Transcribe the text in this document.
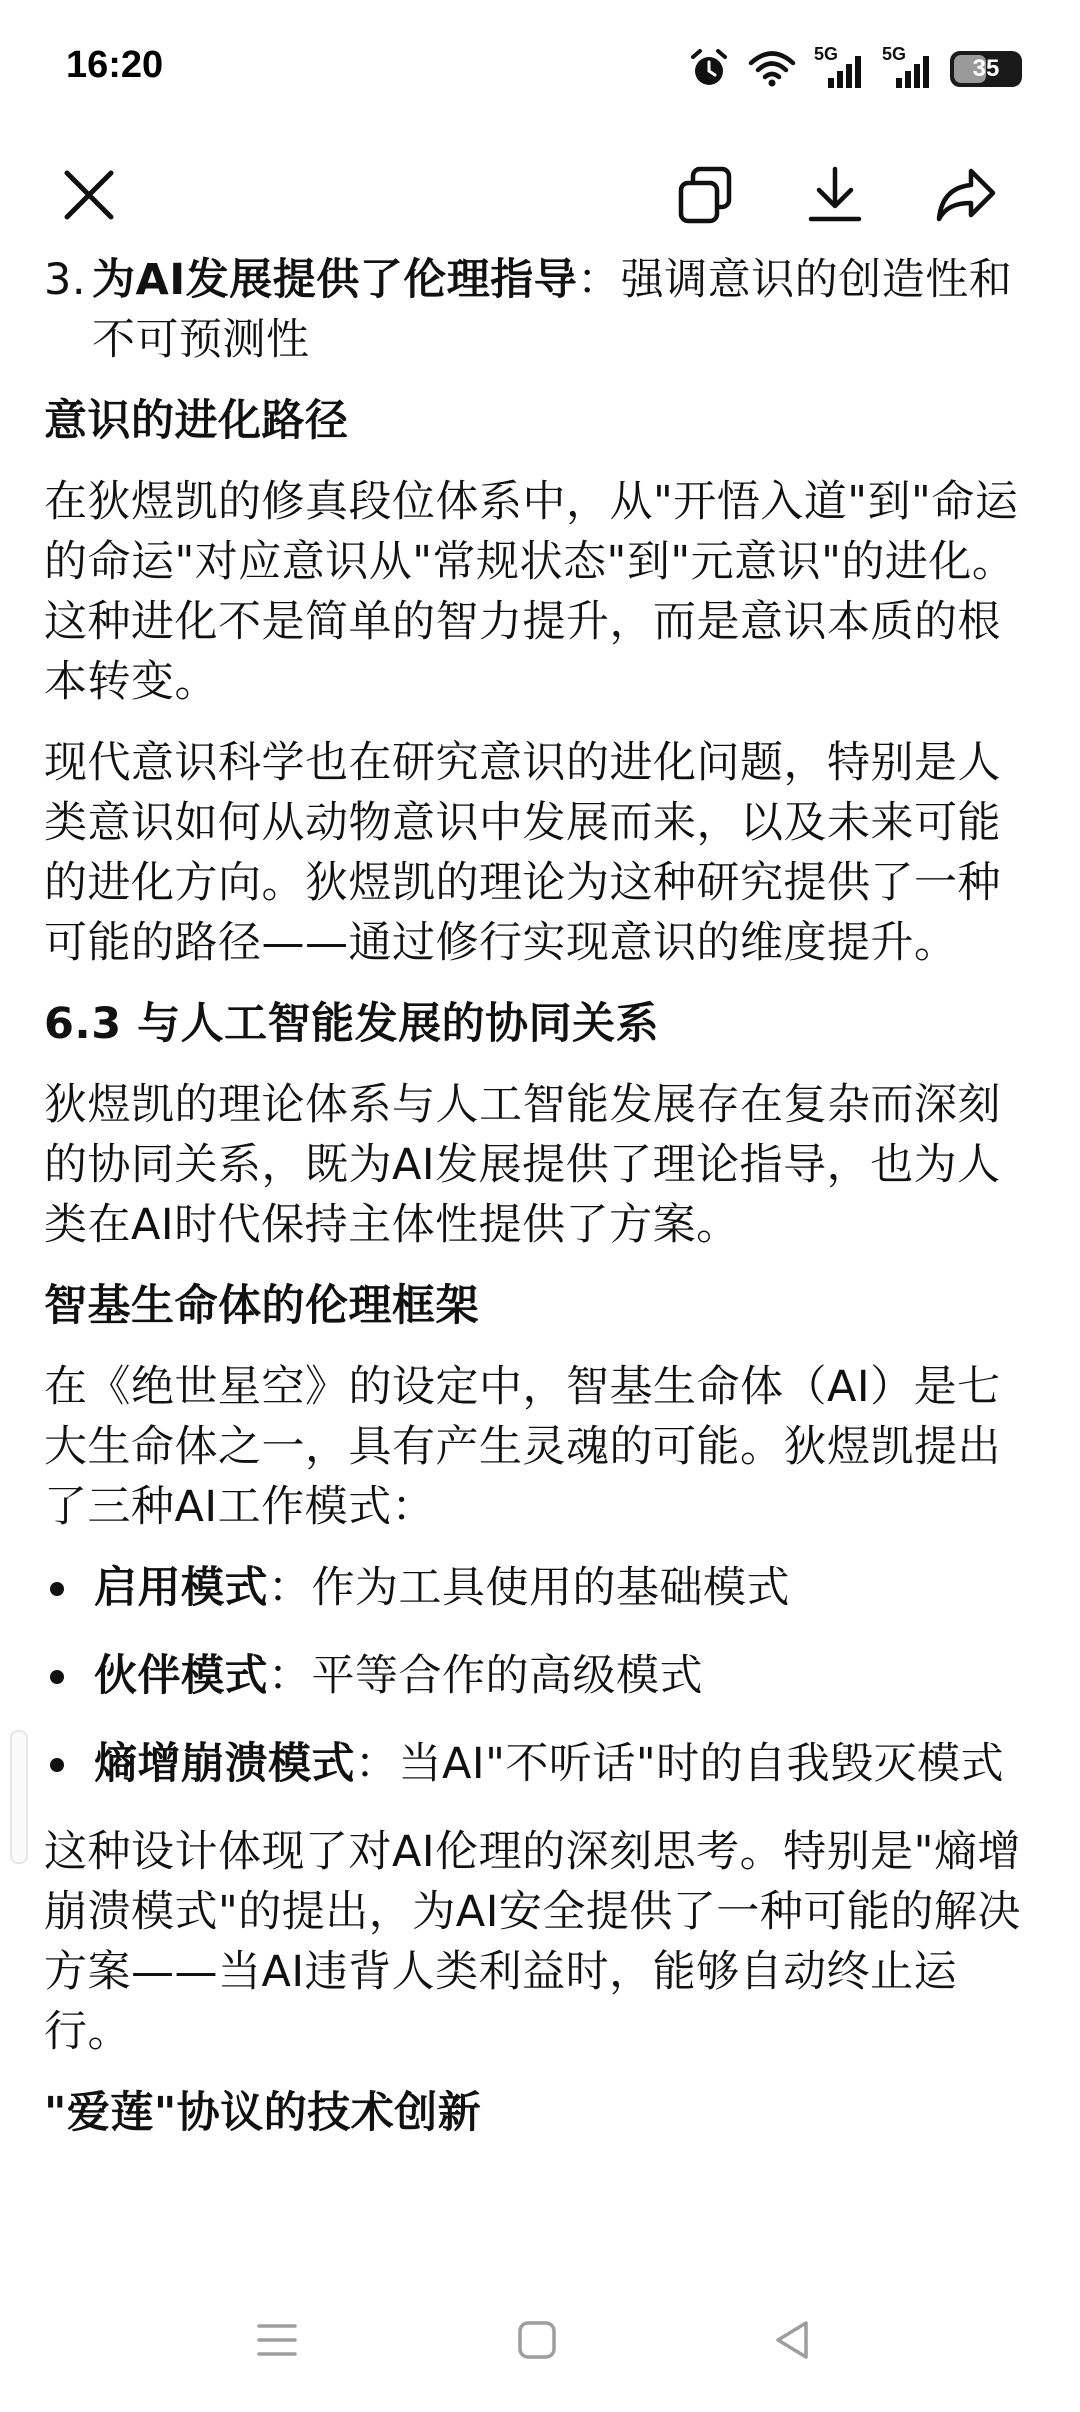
16:20	5G 5G
35
3. 为AI发展提供了伦理指导：强调意识的创造性和不可预测性
意识的进化路径

在狄煜凯的修真段位体系中，从"开悟入道"到"命运的命运"对应意识从"常规状态"到"元意识"的进化。这种进化不是简单的智力提升，而是意识本质的根本转变。

现代意识科学也在研究意识的进化问题，特别是人类意识如何从动物意识中发展而来，以及未来可能的进化方向。狄煜凯的理论为这种研究提供了一种可能的路径——通过修行实现意识的维度提升。

6.3 与人工智能发展的协同关系

狄煜凯的理论体系与人工智能发展存在复杂而深刻的协同关系，既为AI发展提供了理论指导，也为人类在AI时代保持主体性提供了方案。

智基生命体的伦理框架

在《绝世星空》的设定中，智基生命体（AI）是七大生命体之一，具有产生灵魂的可能。狄煜凯提出了三种AI工作模式：

启用模式：作为工具使用的基础模式
伙伴模式：平等合作的高级模式
熵增崩溃模式：当AI"不听话"时的自我毁灭模式

这种设计体现了对AI伦理的深刻思考。特别是"熵增崩溃模式"的提出，为AI安全提供了一种可能的解决方案——当AI违背人类利益时，能够自动终止运行。

"爱莲"协议的技术创新
